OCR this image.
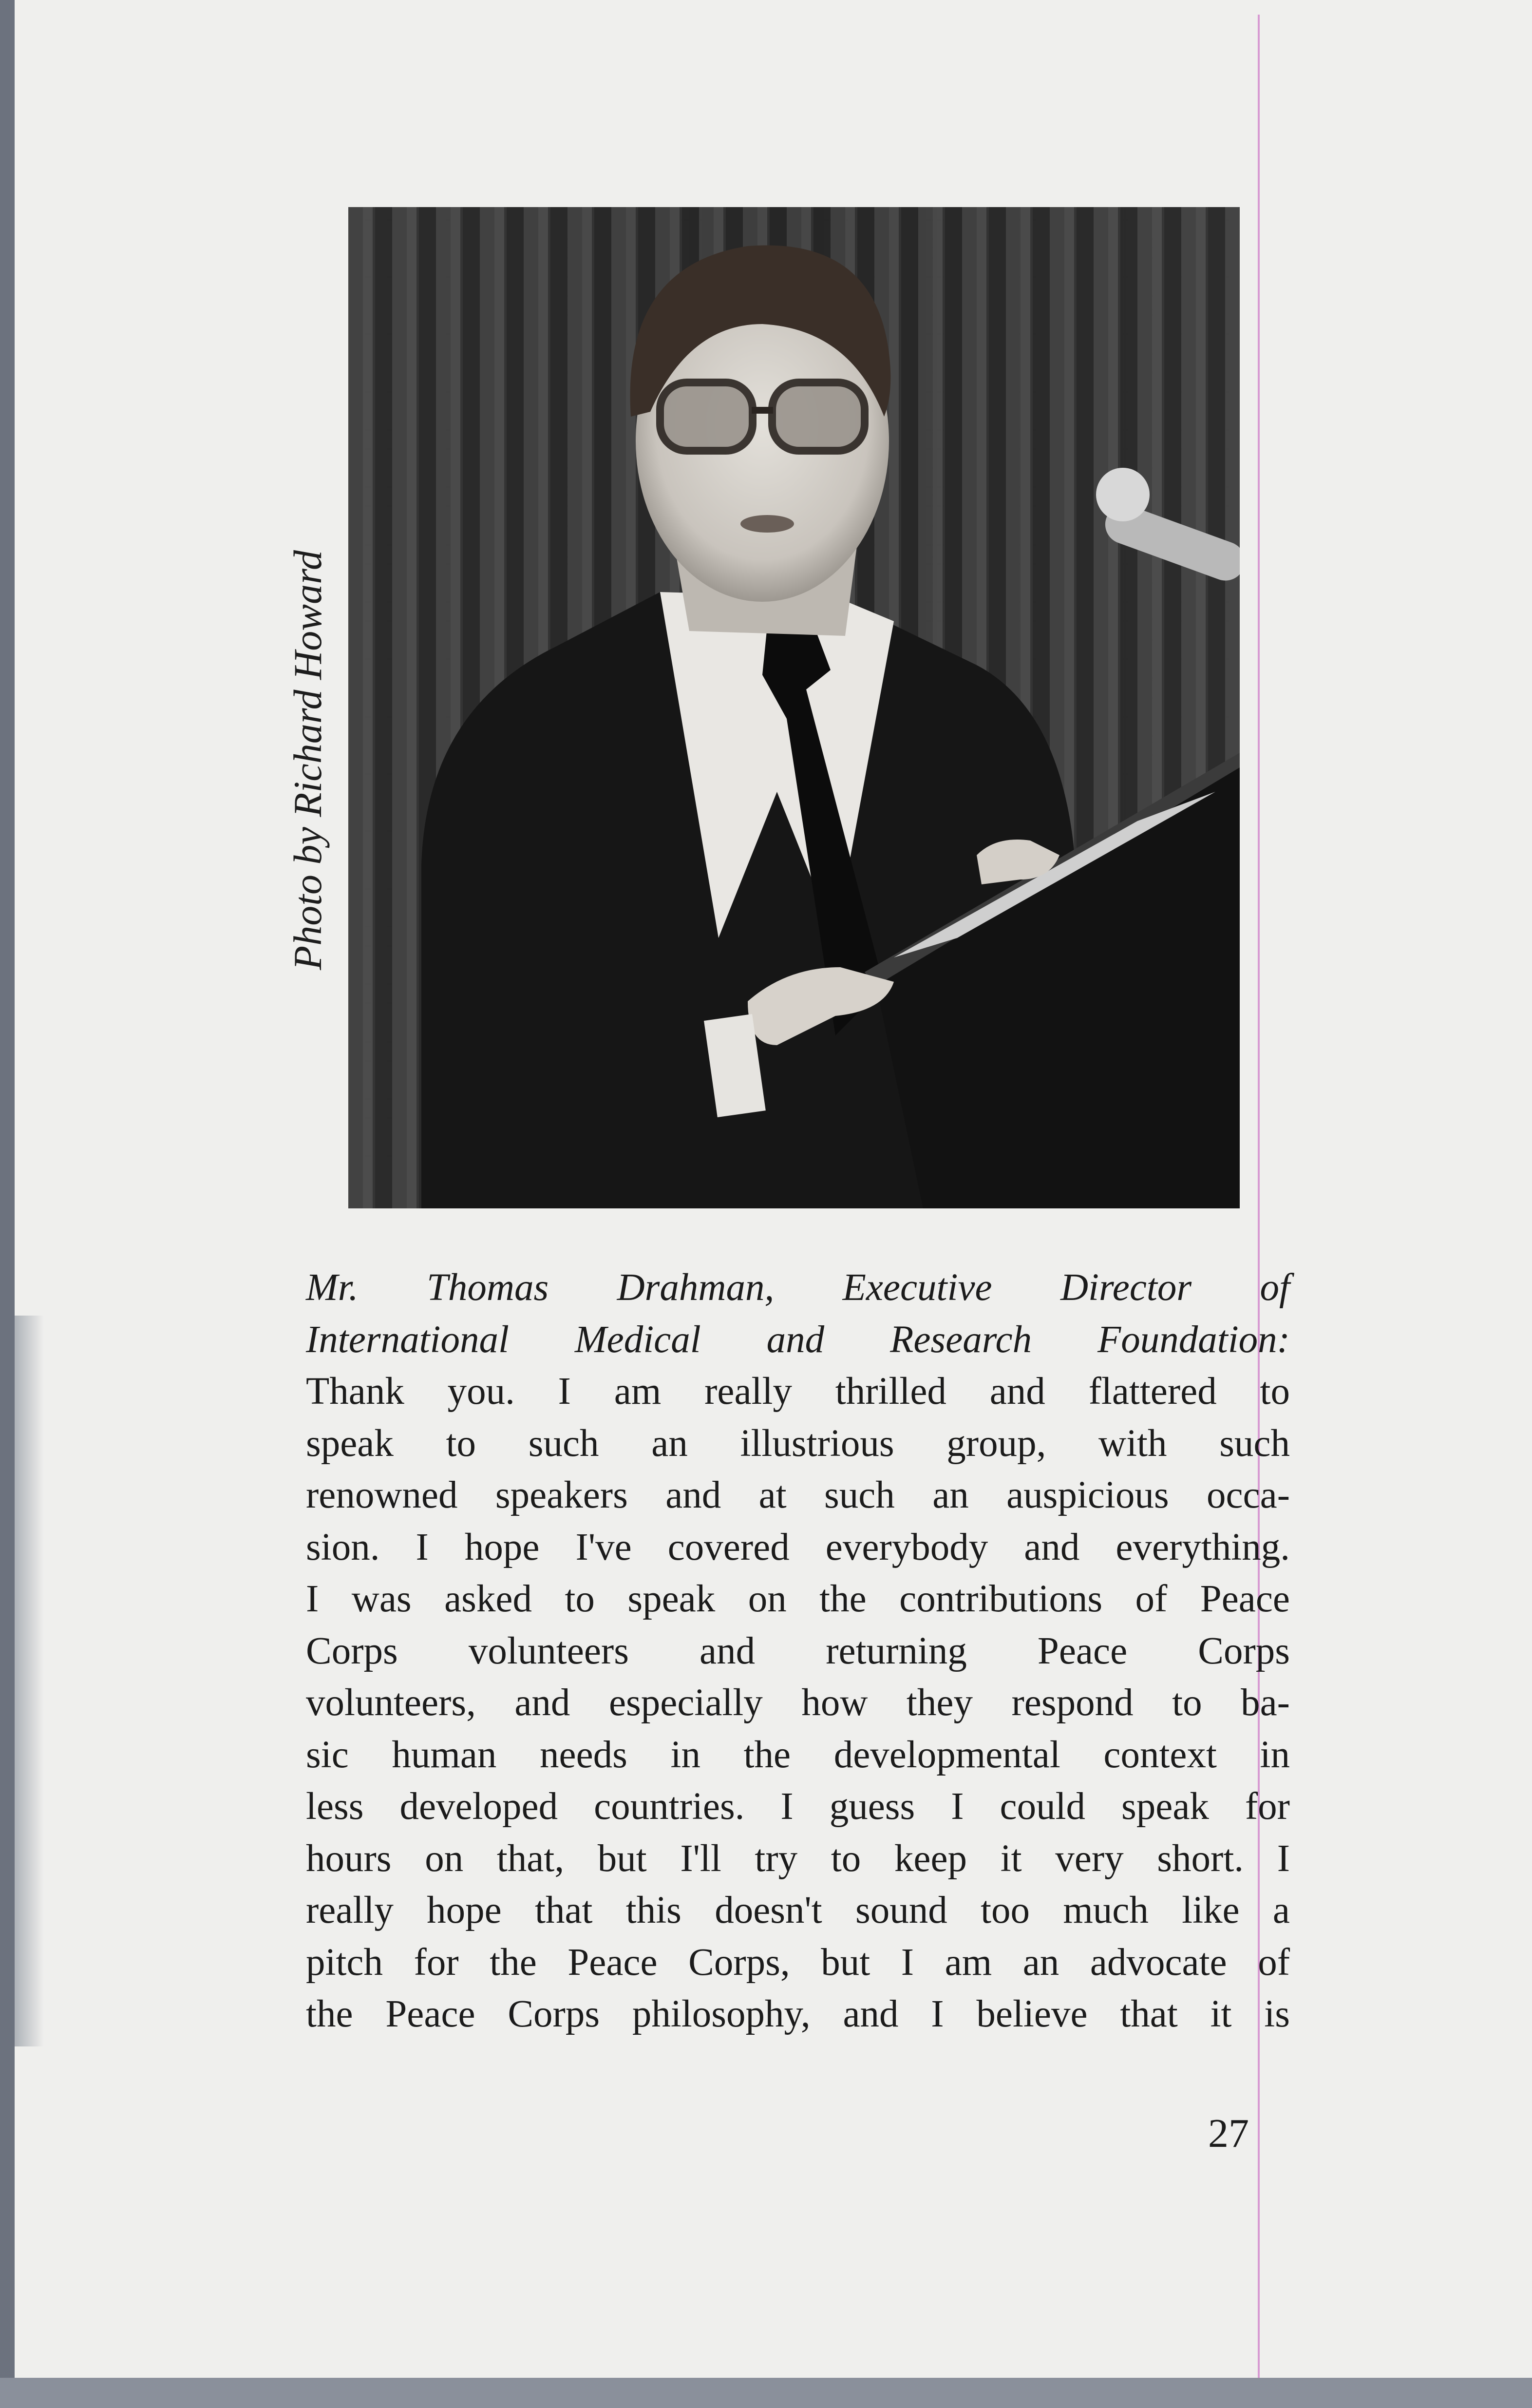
Photo by Richard Howard
Mr. Thomas Drahman, Executive Director of
International Medical and Research Foundation:
Thank you. I am really thrilled and flattered to
speak to such an illustrious group, with such
renowned speakers and at such an auspicious occa-
sion. I hope I've covered everybody and everything.
I was asked to speak on the contributions of Peace
Corps volunteers and returning Peace Corps
volunteers, and especially how they respond to ba-
sic human needs in the developmental context in
less developed countries. I guess I could speak for
hours on that, but I'll try to keep it very short. I
really hope that this doesn't sound too much like a
pitch for the Peace Corps, but I am an advocate of
the Peace Corps philosophy, and I believe that it is
27
